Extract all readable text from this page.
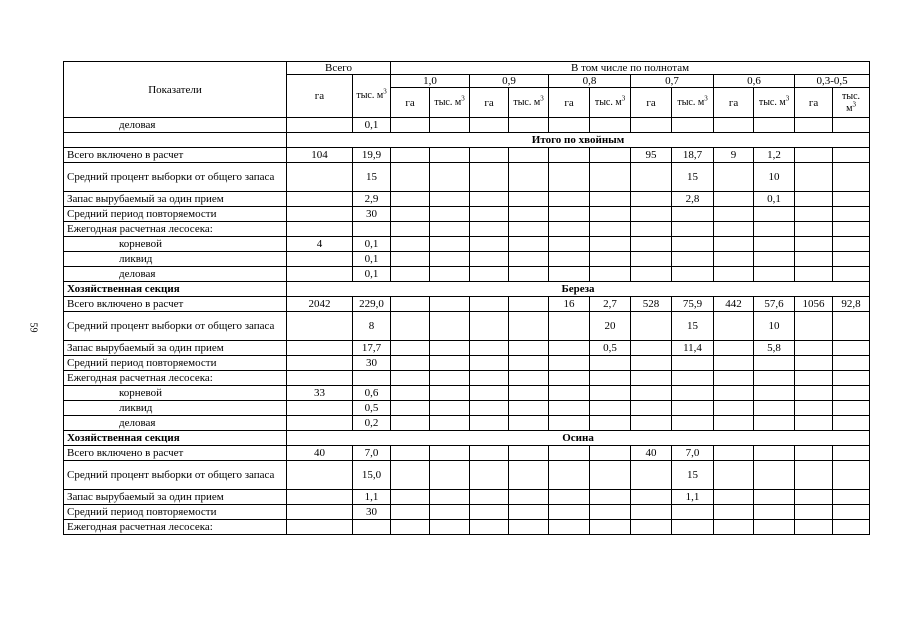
59
Показатели	Всего		В том числе по полнотам											
	га	тыс. $м^3$	1,0		0,9		0,8		0,7		0,6		0,3-0,5	
			га	тыс. $м^3$	га	тыс. $м^3$	га	тыс. $м^3$	га	тыс. $м^3$	га	тыс. $м^3$	га	тыс. $м^3$
деловая		0,1												
	Итого по хвойным													
Всего включено в расчет	104	19,9							95	18,7	9	1,2		
Средний процент выборки от общего запаса		15								15		10		
Запас вырубаемый за один прием		2,9								2,8		0,1		
Средний период повторяемости		30												
Ежегодная расчетная лесосека:														
корневой	4	0,1												
ликвид		0,1												
деловая		0,1												
Хозяйственная секция	Береза													
Всего включено в расчет	2042	229,0					16	2,7	528	75,9	442	57,6	1056	92,8
Средний процент выборки от общего запаса		8						20		15		10		
Запас вырубаемый за один прием		17,7						0,5		11,4		5,8		
Средний период повторяемости		30												
Ежегодная расчетная лесосека:														
корневой	33	0,6												
ликвид		0,5												
деловая		0,2												
Хозяйственная секция	Осина													
Всего включено в расчет	40	7,0							40	7,0				
Средний процент выборки от общего запаса		15,0								15				
Запас вырубаемый за один прием		1,1								1,1				
Средний период повторяемости		30												
Ежегодная расчетная лесосека:														
